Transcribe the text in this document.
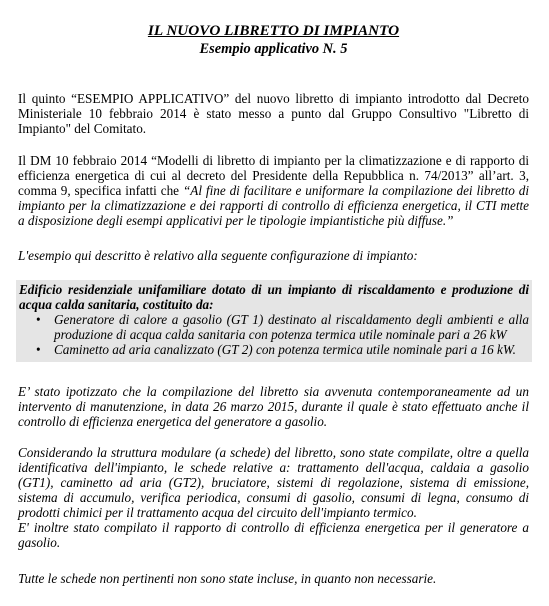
IL NUOVO LIBRETTO DI IMPIANTO
Esempio applicativo N. 5

Il quinto “ESEMPIO APPLICATIVO” del nuovo libretto di impianto introdotto dal Decreto Ministeriale 10 febbraio 2014 è stato messo a punto dal Gruppo Consultivo "Libretto di Impianto" del Comitato.

Il DM 10 febbraio 2014 “Modelli di libretto di impianto per la climatizzazione e di rapporto di efficienza energetica di cui al decreto del Presidente della Repubblica n. 74/2013” all’art. 3, comma 9, specifica infatti che “Al fine di facilitare e uniformare la compilazione dei libretto di impianto per la climatizzazione e dei rapporti di controllo di efficienza energetica, il CTI mette a disposizione degli esempi applicativi per le tipologie impiantistiche più diffuse.”

L'esempio qui descritto è relativo alla seguente configurazione di impianto:

Edificio residenziale unifamiliare dotato di un impianto di riscaldamento e produzione di acqua calda sanitaria, costituito da:
• Generatore di calore a gasolio (GT 1) destinato al riscaldamento degli ambienti e alla produzione di acqua calda sanitaria con potenza termica utile nominale pari a 26 kW
• Caminetto ad aria canalizzato (GT 2) con potenza termica utile nominale pari a 16 kW.

E’ stato ipotizzato che la compilazione del libretto sia avvenuta contemporaneamente ad un intervento di manutenzione, in data 26 marzo 2015, durante il quale è stato effettuato anche il controllo di efficienza energetica del generatore a gasolio.

Considerando la struttura modulare (a schede) del libretto, sono state compilate, oltre a quella identificativa dell'impianto, le schede relative a: trattamento dell'acqua, caldaia a gasolio (GT1), caminetto ad aria (GT2), bruciatore, sistemi di regolazione, sistema di emissione, sistema di accumulo, verifica periodica, consumi di gasolio, consumi di legna, consumo di prodotti chimici per il trattamento acqua del circuito dell'impianto termico.

E' inoltre stato compilato il rapporto di controllo di efficienza energetica per il generatore a gasolio.

Tutte le schede non pertinenti non sono state incluse, in quanto non necessarie.
